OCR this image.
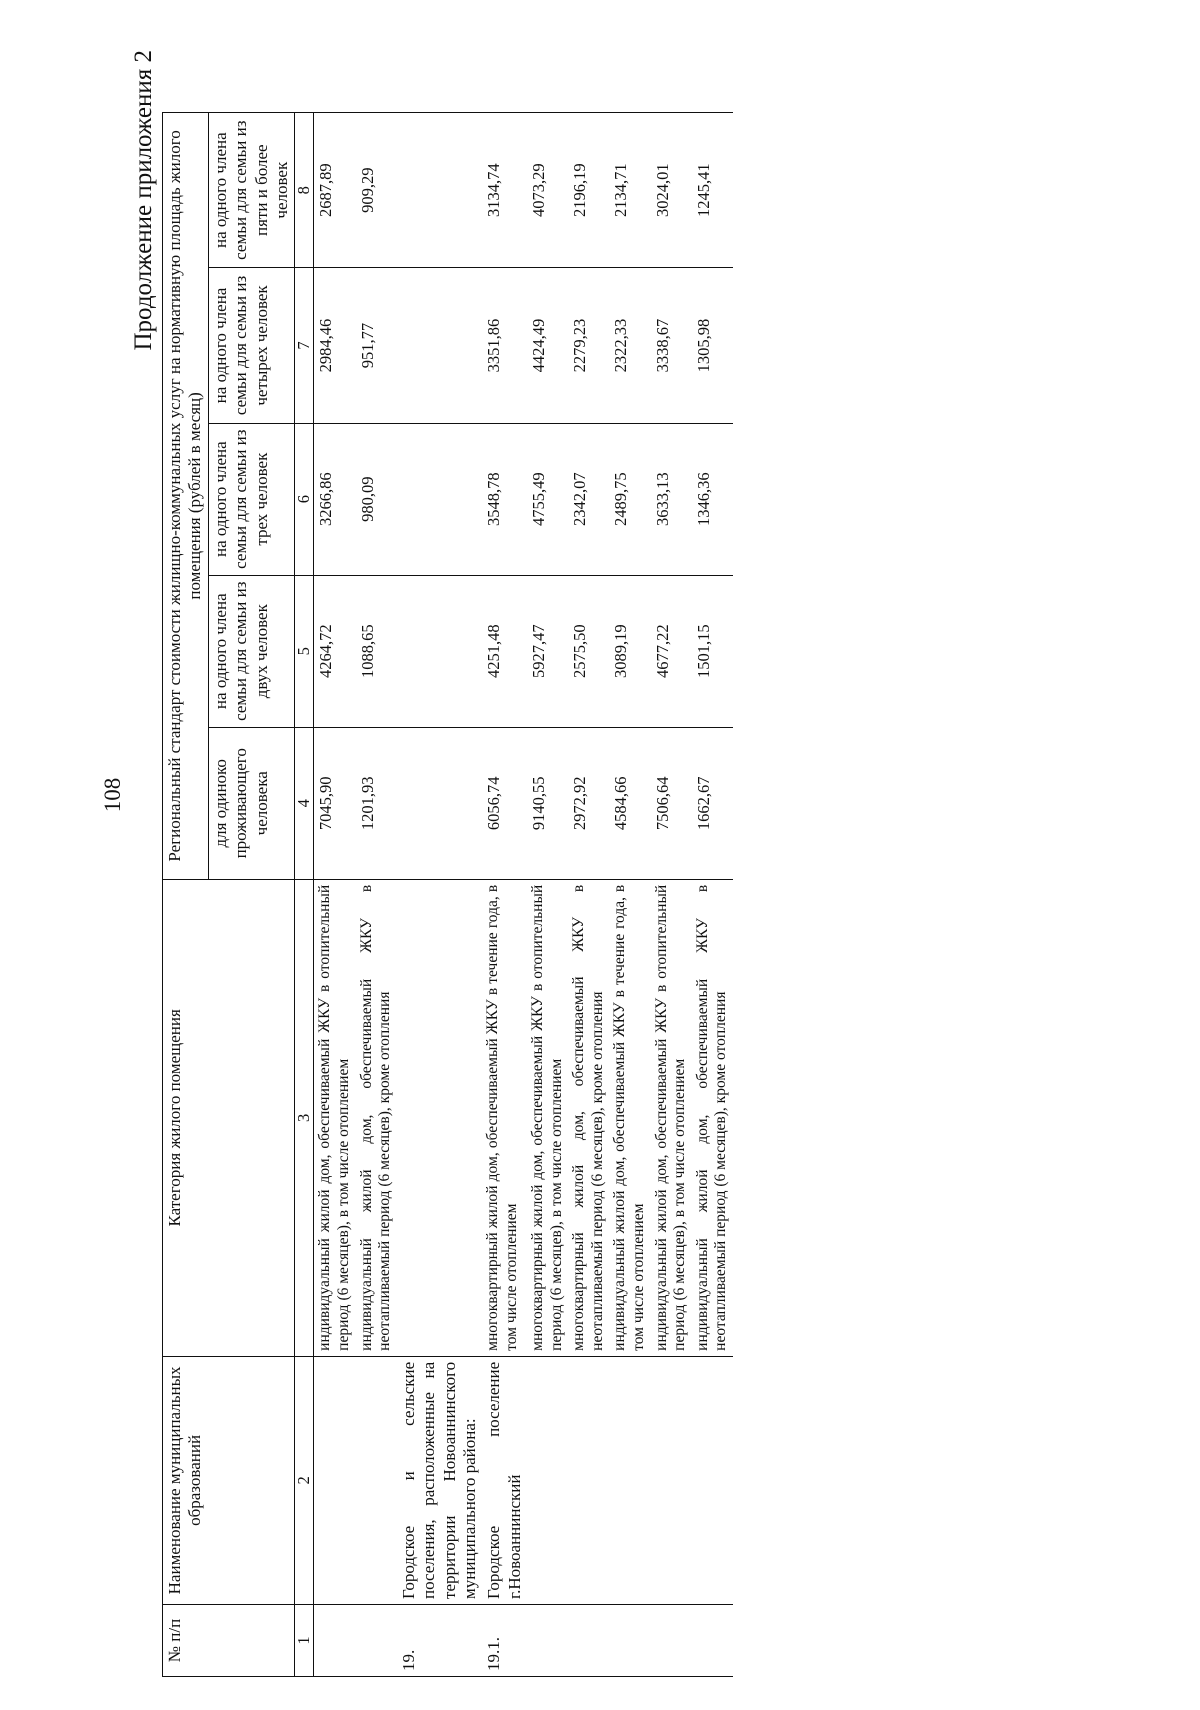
108
Продолжение приложения 2
№ п/п	Наименование муниципальных образований	Категория жилого помещения	Региональный стандарт стоимости жилищно-коммунальных услуг на нормативную площадь жилого помещения (рублей в месяц)				
			для одиноко проживающего человека	на одного члена семьи для семьи из двух человек	на одного члена семьи для семьи из трех человек	на одного члена семьи для семьи из четырех человек	на одного члена семьи для семьи из пяти и более человек
1	2	3	4	5	6	7	8
		индивидуальный жилой дом, обеспечиваемый ЖКУ в отопительный период (6 месяцев), в том числе отоплением	7045,90	4264,72	3266,86	2984,46	2687,89
		индивидуальный жилой дом, обеспечиваемый ЖКУ в неотапливаемый период (6 месяцев), кроме отопления	1201,93	1088,65	980,09	951,77	909,29
19.	Городское и сельские поселения, расположенные на территории Новоаннинского муниципального района:						
19.1.	Городское поселение г.Новоаннинский	многоквартирный жилой дом, обеспечиваемый ЖКУ в течение года, в том числе отоплением	6056,74	4251,48	3548,78	3351,86	3134,74
		многоквартирный жилой дом, обеспечиваемый ЖКУ в отопительный период (6 месяцев), в том числе отоплением	9140,55	5927,47	4755,49	4424,49	4073,29
		многоквартирный жилой дом, обеспечиваемый ЖКУ в неотапливаемый период (6 месяцев), кроме отопления	2972,92	2575,50	2342,07	2279,23	2196,19
		индивидуальный жилой дом, обеспечиваемый ЖКУ в течение года, в том числе отоплением	4584,66	3089,19	2489,75	2322,33	2134,71
		индивидуальный жилой дом, обеспечиваемый ЖКУ в отопительный период (6 месяцев), в том числе отоплением	7506,64	4677,22	3633,13	3338,67	3024,01
		индивидуальный жилой дом, обеспечиваемый ЖКУ в неотапливаемый период (6 месяцев), кроме отопления	1662,67	1501,15	1346,36	1305,98	1245,41
